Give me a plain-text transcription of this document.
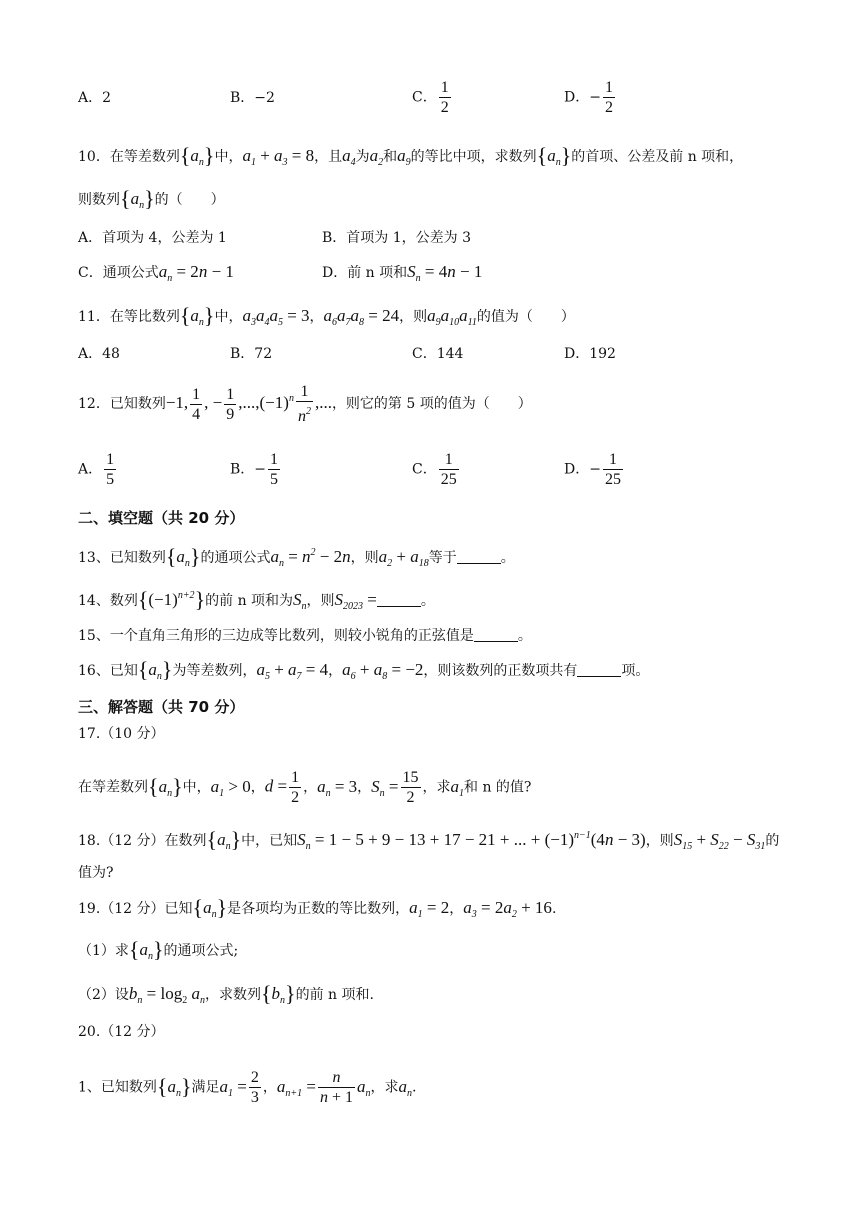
A．2	B．−2	C． $\frac{1}{2}$	D．− $\frac{1}{2}$
10．在等差数列$\{a_n\}$中，$a_1 + a_3 = 8$，且$a_4$为$a_2$和$a_9$的等比中项，求数列$\{a_n\}$的首项、公差及前 n 项和，
则数列$\{a_n\}$的（　　）
A．首项为 4，公差为 1	B．首项为 1，公差为 3
C．通项公式$a_n = 2n - 1$	D．前 n 项和$S_n = 4n - 1$
11．在等比数列$\{a_n\}$中，$a_3a_4a_5 = 3$，$a_6a_7a_8 = 24$，则$a_9a_{10}a_{11}$的值为（　　）
A．48	B．72	C．144	D．192
12．已知数列−1, $\frac{1}{4}$ , − $\frac{1}{9} ,...,(-1)^n \frac{1}{n^2}$ ,...，则它的第 5 项的值为（　　）
A． $\frac{1}{5}$	B．− $\frac{1}{5}$	C． $\frac{1}{25}$	D．− $\frac{1}{25}$
二、填空题（共 20 分）
13、已知数列$\{a_n\}$的通项公式$a_n = n^2 - 2n$，则$a_2 + a_{18}$等于	。
14、数列$\{(-1)^{n+2}\}$的前 n 项和为$S_n$，则$S_{2023}$ =	。
15、一个直角三角形的三边成等比数列，则较小锐角的正弦值是	。
16、已知$\{a_n\}$为等差数列，$a_5 + a_7 = 4$，$a_6 + a_8 = -2$，则该数列的正数项共有	项。
三、解答题（共 70 分）
17.（10 分）
在等差数列$\{a_n\}$中，$a_1 > 0$，$d = \frac{1}{2}$ ，$a_n = 3$，$S_n = \frac{15}{2}$ ，求$a_1$和 n 的值?
18.（12 分）在数列$\{a_n\}$中，已知$S_n = 1 - 5 + 9 - 13 + 17 - 21$ + ... + $(-1)^{n-1}(4n - 3)$，则$S_{15} + S_{22} - S_{31}$的
值为?
19.（12 分）已知$\{a_n\}$是各项均为正数的等比数列，$a_1 = 2$，$a_3 = 2a_2 + 16$.
（1）求$\{a_n\}$的通项公式;
（2）设$b_n = \log_2 a_n$，求数列$\{b_n\}$的前 n 项和.
20.（12 分）
1、已知数列$\{a_n\}$满足$a_1 = \frac{2}{3}$ ，$a_{n+1} = \frac{n}{n + 1} a_n$，求$a_n$.
